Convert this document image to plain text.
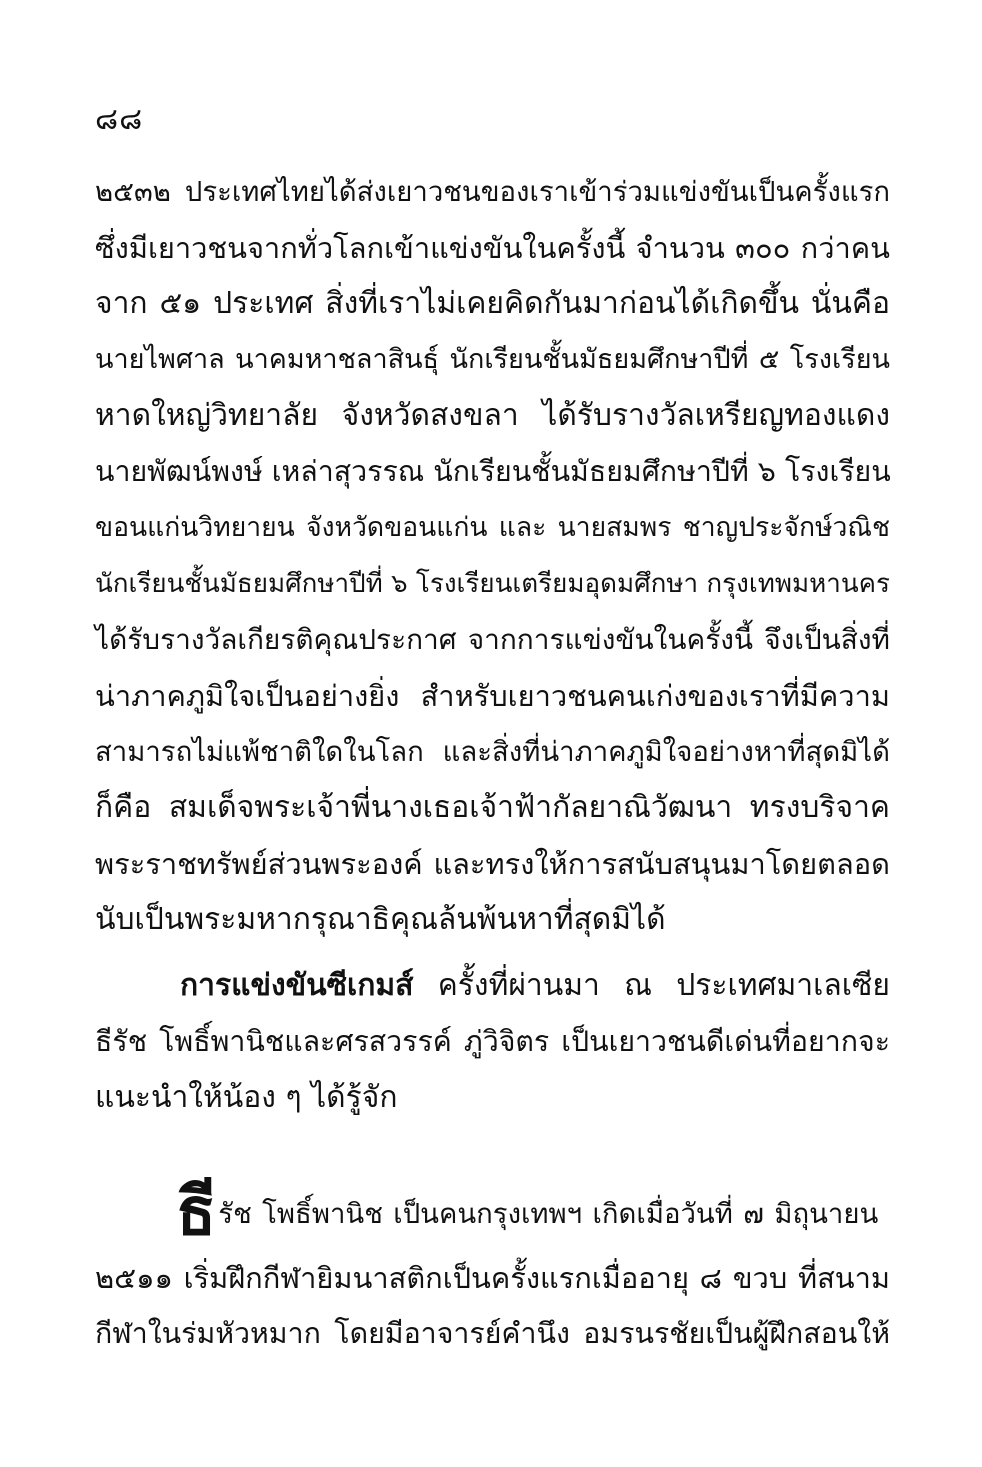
๘๘
๒๕๓๒ ประเทศไทยได้ส่งเยาวชนของเราเข้าร่วมแข่งขันเป็นครั้งแรก
ซึ่งมีเยาวชนจากทั่วโลกเข้าแข่งขันในครั้งนี้ จำนวน ๓๐๐ กว่าคน
จาก ๕๑ ประเทศ สิ่งที่เราไม่เคยคิดกันมาก่อนได้เกิดขึ้น นั่นคือ
นายไพศาล นาคมหาชลาสินธุ์ นักเรียนชั้นมัธยมศึกษาปีที่ ๕ โรงเรียน
หาดใหญ่วิทยาลัย จังหวัดสงขลา ได้รับรางวัลเหรียญทองแดง
นายพัฒน์พงษ์ เหล่าสุวรรณ นักเรียนชั้นมัธยมศึกษาปีที่ ๖ โรงเรียน
ขอนแก่นวิทยายน จังหวัดขอนแก่น และ นายสมพร ชาญประจักษ์วณิช
นักเรียนชั้นมัธยมศึกษาปีที่ ๖ โรงเรียนเตรียมอุดมศึกษา กรุงเทพมหานคร
ได้รับรางวัลเกียรติคุณประกาศ จากการแข่งขันในครั้งนี้ จึงเป็นสิ่งที่
น่าภาคภูมิใจเป็นอย่างยิ่ง สำหรับเยาวชนคนเก่งของเราที่มีความ
สามารถไม่แพ้ชาติใดในโลก และสิ่งที่น่าภาคภูมิใจอย่างหาที่สุดมิได้
ก็คือ สมเด็จพระเจ้าพี่นางเธอเจ้าฟ้ากัลยาณิวัฒนา ทรงบริจาค
พระราชทรัพย์ส่วนพระองค์ และทรงให้การสนับสนุนมาโดยตลอด
นับเป็นพระมหากรุณาธิคุณล้นพ้นหาที่สุดมิได้
การแข่งขันซีเกมส์ ครั้งที่ผ่านมา ณ ประเทศมาเลเซีย
ธีรัช โพธิ์พานิชและศรสวรรค์ ภู่วิจิตร เป็นเยาวชนดีเด่นที่อยากจะ
แนะนำให้น้อง ๆ ได้รู้จัก
ธีรัช โพธิ์พานิช เป็นคนกรุงเทพฯ เกิดเมื่อวันที่ ๗ มิถุนายน
๒๕๑๑ เริ่มฝึกกีฬายิมนาสติกเป็นครั้งแรกเมื่ออายุ ๘ ขวบ ที่สนาม
กีฬาในร่มหัวหมาก โดยมีอาจารย์คำนึง อมรนรชัยเป็นผู้ฝึกสอนให้
